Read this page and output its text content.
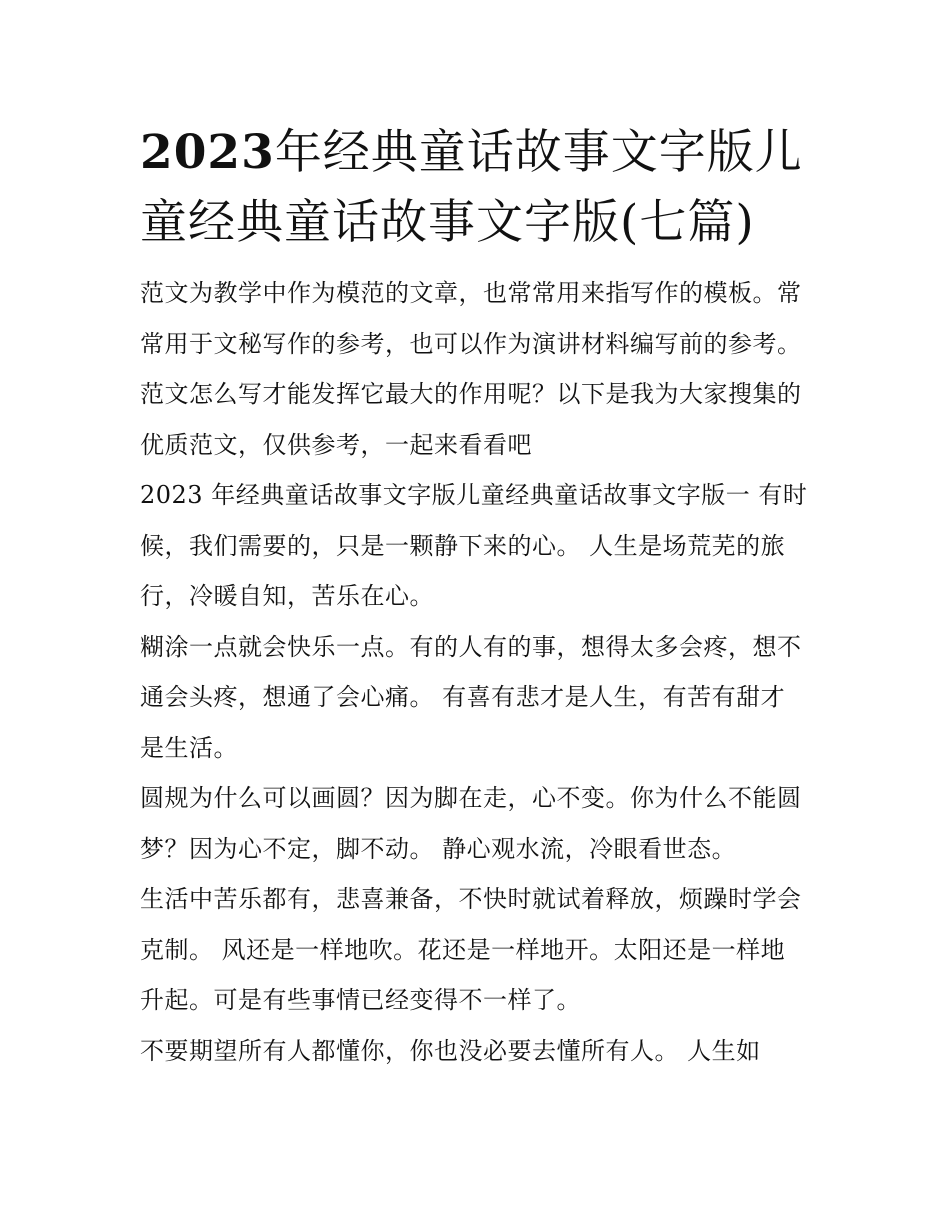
2023年经典童话故事文字版儿
童经典童话故事文字版(七篇)

范文为教学中作为模范的文章，也常常用来指写作的模板。常
常用于文秘写作的参考，也可以作为演讲材料编写前的参考。
范文怎么写才能发挥它最大的作用呢？以下是我为大家搜集的
优质范文，仅供参考，一起来看看吧

2023 年经典童话故事文字版儿童经典童话故事文字版一 有时
候，我们需要的，只是一颗静下来的心。 人生是场荒芜的旅
行，冷暖自知，苦乐在心。

糊涂一点就会快乐一点。有的人有的事，想得太多会疼，想不
通会头疼，想通了会心痛。 有喜有悲才是人生，有苦有甜才
是生活。

圆规为什么可以画圆？因为脚在走，心不变。你为什么不能圆
梦？因为心不定，脚不动。 静心观水流，冷眼看世态。

生活中苦乐都有，悲喜兼备，不快时就试着释放，烦躁时学会
克制。 风还是一样地吹。花还是一样地开。太阳还是一样地
升起。可是有些事情已经变得不一样了。

不要期望所有人都懂你，你也没必要去懂所有人。 人生如
